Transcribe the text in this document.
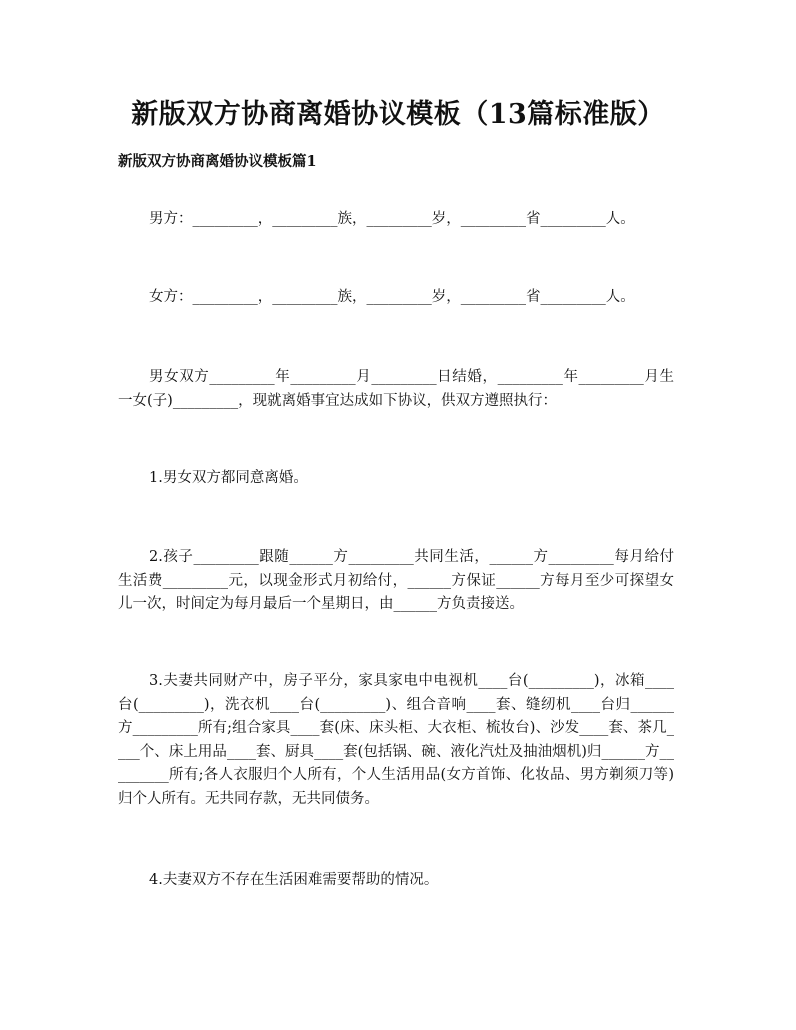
新版双方协商离婚协议模板（13篇标准版）
新版双方协商离婚协议模板篇1

男方：_________，_________族，_________岁，_________省_________人。

女方：_________，_________族，_________岁，_________省_________人。

男女双方_________年_________月_________日结婚，_________年_________月生一女(子)_________，现就离婚事宜达成如下协议，供双方遵照执行：

1.男女双方都同意离婚。

2.孩子_________跟随______方_________共同生活，______方_________每月给付生活费_________元，以现金形式月初给付，______方保证______方每月至少可探望女儿一次，时间定为每月最后一个星期日，由______方负责接送。

3.夫妻共同财产中，房子平分，家具家电中电视机____台(_________)，冰箱____台(_________)，洗衣机____台(_________)、组合音响____套、缝纫机____台归______方_________所有;组合家具____套(床、床头柜、大衣柜、梳妆台)、沙发____套、茶几____个、床上用品____套、厨具____套(包括锅、碗、液化汽灶及抽油烟机)归______方_________所有;各人衣服归个人所有，个人生活用品(女方首饰、化妆品、男方剃须刀等)归个人所有。无共同存款，无共同债务。

4.夫妻双方不存在生活困难需要帮助的情况。
